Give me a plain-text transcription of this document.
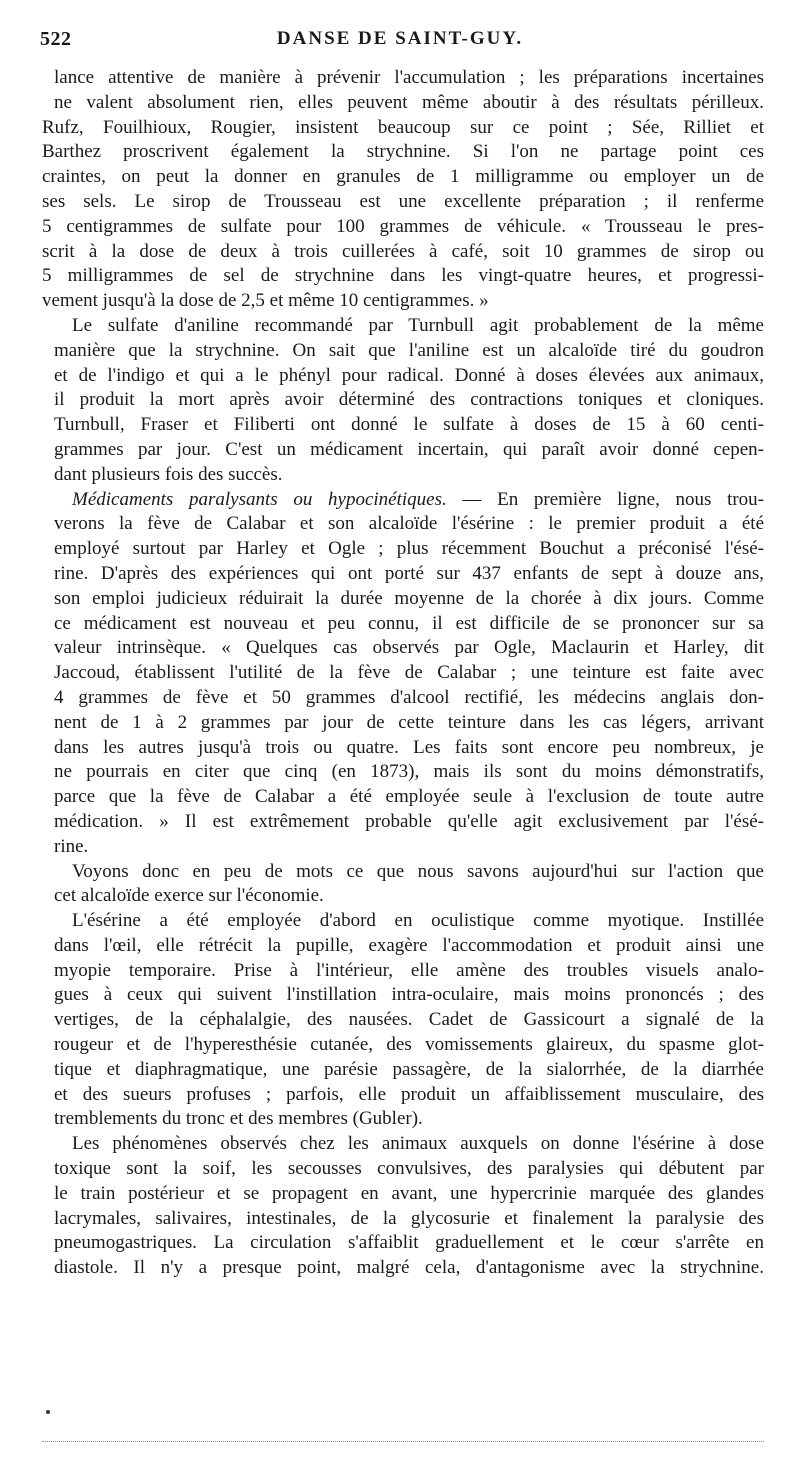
522	DANSE DE SAINT-GUY.
lance attentive de manière à prévenir l'accumulation ; les préparations incertaines
ne valent absolument rien, elles peuvent même aboutir à des résultats périlleux.
Rufz, Fouilhioux, Rougier, insistent beaucoup sur ce point ; Sée, Rilliet et
Barthez proscrivent également la strychnine. Si l'on ne partage point ces
craintes, on peut la donner en granules de 1 milligramme ou employer un de
ses sels. Le sirop de Trousseau est une excellente préparation ; il renferme
5 centigrammes de sulfate pour 100 grammes de véhicule. « Trousseau le pres-
scrit à la dose de deux à trois cuillerées à café, soit 10 grammes de sirop ou
5 milligrammes de sel de strychnine dans les vingt-quatre heures, et progressi-
vement jusqu'à la dose de 2,5 et même 10 centigrammes. »
Le sulfate d'aniline recommandé par Turnbull agit probablement de la même
manière que la strychnine. On sait que l'aniline est un alcaloïde tiré du goudron
et de l'indigo et qui a le phényl pour radical. Donné à doses élevées aux animaux,
il produit la mort après avoir déterminé des contractions toniques et cloniques.
Turnbull, Fraser et Filiberti ont donné le sulfate à doses de 15 à 60 centi-
grammes par jour. C'est un médicament incertain, qui paraît avoir donné cepen-
dant plusieurs fois des succès.
Médicaments paralysants ou hypocinétiques. — En première ligne, nous trou-
verons la fève de Calabar et son alcaloïde l'ésérine : le premier produit a été
employé surtout par Harley et Ogle ; plus récemment Bouchut a préconisé l'ésé-
rine. D'après des expériences qui ont porté sur 437 enfants de sept à douze ans,
son emploi judicieux réduirait la durée moyenne de la chorée à dix jours. Comme
ce médicament est nouveau et peu connu, il est difficile de se prononcer sur sa
valeur intrinsèque. « Quelques cas observés par Ogle, Maclaurin et Harley, dit
Jaccoud, établissent l'utilité de la fève de Calabar ; une teinture est faite avec
4 grammes de fève et 50 grammes d'alcool rectifié, les médecins anglais don-
nent de 1 à 2 grammes par jour de cette teinture dans les cas légers, arrivant
dans les autres jusqu'à trois ou quatre. Les faits sont encore peu nombreux, je
ne pourrais en citer que cinq (en 1873), mais ils sont du moins démonstratifs,
parce que la fève de Calabar a été employée seule à l'exclusion de toute autre
médication. » Il est extrêmement probable qu'elle agit exclusivement par l'ésé-
rine.
Voyons donc en peu de mots ce que nous savons aujourd'hui sur l'action que
cet alcaloïde exerce sur l'économie.
L'ésérine a été employée d'abord en oculistique comme myotique. Instillée
dans l'œil, elle rétrécit la pupille, exagère l'accommodation et produit ainsi une
myopie temporaire. Prise à l'intérieur, elle amène des troubles visuels analo-
gues à ceux qui suivent l'instillation intra-oculaire, mais moins prononcés ; des
vertiges, de la céphalalgie, des nausées. Cadet de Gassicourt a signalé de la
rougeur et de l'hyperesthésie cutanée, des vomissements glaireux, du spasme glot-
tique et diaphragmatique, une parésie passagère, de la sialorrhée, de la diarrhée
et des sueurs profuses ; parfois, elle produit un affaiblissement musculaire, des
tremblements du tronc et des membres (Gubler).
Les phénomènes observés chez les animaux auxquels on donne l'ésérine à dose
toxique sont la soif, les secousses convulsives, des paralysies qui débutent par
le train postérieur et se propagent en avant, une hypercrinie marquée des glandes
lacrymales, salivaires, intestinales, de la glycosurie et finalement la paralysie des
pneumogastriques. La circulation s'affaiblit graduellement et le cœur s'arrête en
diastole. Il n'y a presque point, malgré cela, d'antagonisme avec la strychnine.
